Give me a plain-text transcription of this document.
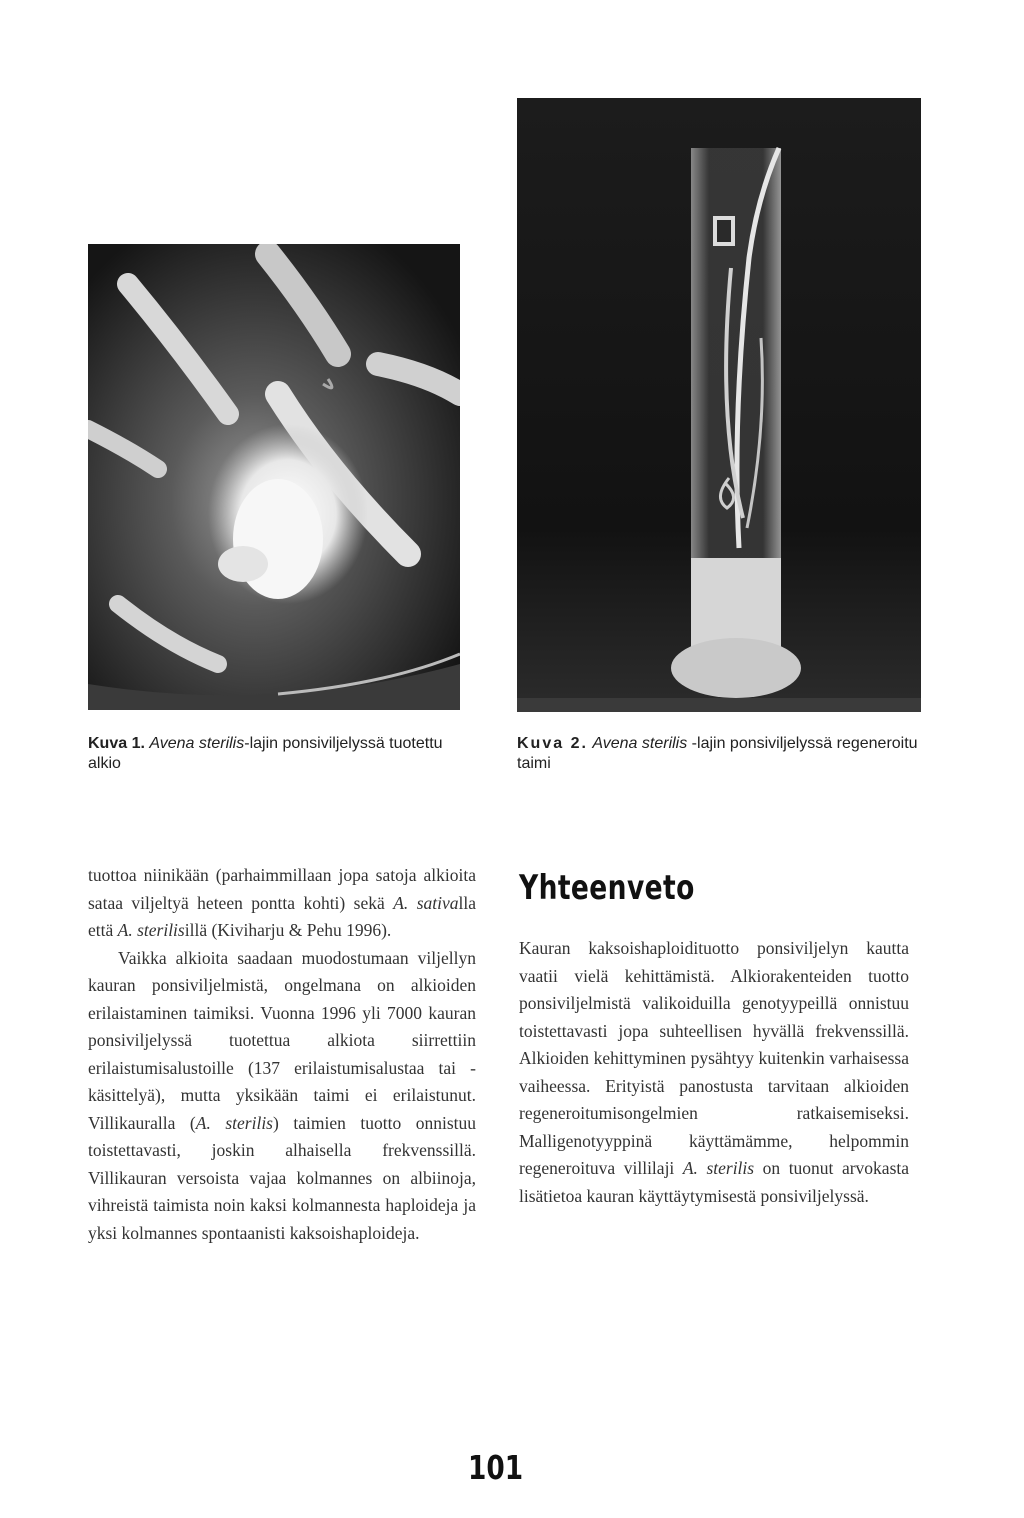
Kuva 1. Avena sterilis-lajin ponsiviljelyssä tuotettu alkio
Kuva 2. Avena sterilis -lajin ponsiviljelyssä regeneroitu taimi

tuottoa niinikään (parhaimmillaan jopa satoja alkioita sataa viljeltyä heteen pontta kohti) sekä A. sativalla että A. sterilisillä (Kiviharju & Pehu 1996).

Vaikka alkioita saadaan muodostumaan viljellyn kauran ponsiviljelmistä, ongelmana on alkioiden erilaistaminen taimiksi. Vuonna 1996 yli 7000 kauran ponsiviljelyssä tuotettua alkiota siirrettiin erilaistumisalustoille (137 erilaistumisalustaa tai -käsittelyä), mutta yksikään taimi ei erilaistunut. Villikauralla (A. sterilis) taimien tuotto onnistuu toistettavasti, joskin alhaisella frekvenssillä. Villikauran versoista vajaa kolmannes on albiinoja, vihreistä taimista noin kaksi kolmannesta haploideja ja yksi kolmannes spontaanisti kaksoishaploideja.

Yhteenveto

Kauran kaksoishaploidituotto ponsiviljelyn kautta vaatii vielä kehittämistä. Alkiorakenteiden tuotto ponsiviljelmistä valikoiduilla genotyypeillä onnistuu toistettavasti jopa suhteellisen hyvällä frekvenssillä. Alkioiden kehittyminen pysähtyy kuitenkin varhaisessa vaiheessa. Erityistä panostusta tarvitaan alkioiden regeneroitumisongelmien ratkaisemiseksi. Malligenotyyppinä käyttämämme, helpommin regeneroituva villilaji A. sterilis on tuonut arvokasta lisätietoa kauran käyttäytymisestä ponsiviljelyssä.

101
